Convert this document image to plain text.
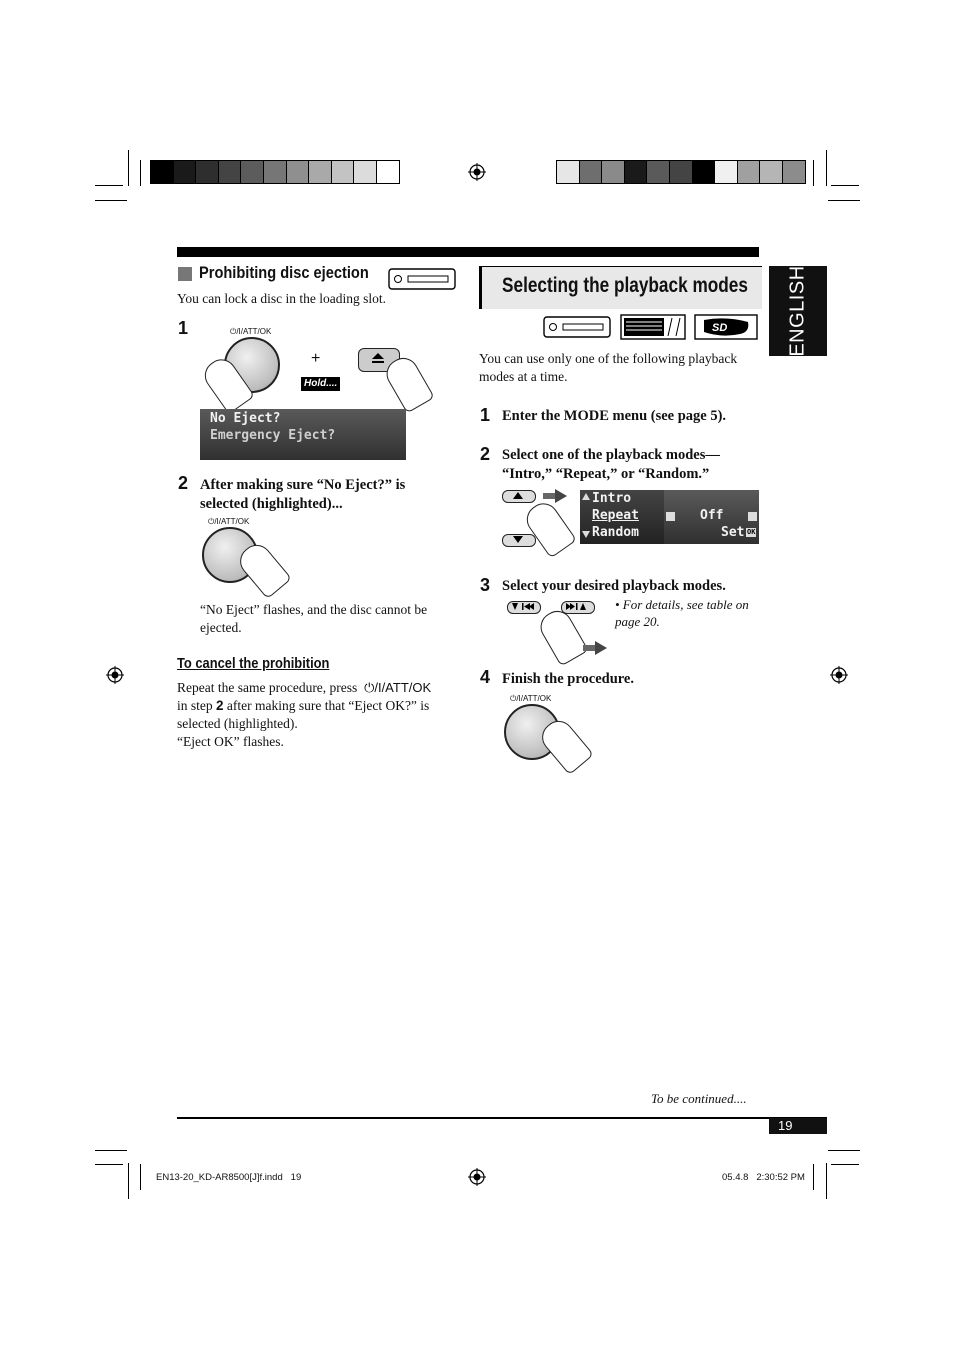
ENGLISH
Prohibiting disc ejection
You can lock a disc in the loading slot.
1	⏻/I/ATT/OK
+
Hold....
No Eject?
Emergency Eject?
2 After making sure “No Eject?” is selected (highlighted)...
⏻/I/ATT/OK
“No Eject” flashes, and the disc cannot be ejected.
To cancel the prohibition
Repeat the same procedure, press ⏻/I/ATT/OK
in step 2 after making sure that “Eject OK?” is
selected (highlighted).
“Eject OK” flashes.
Selecting the playback modes
SD
You can use only one of the following playback modes at a time.
1 Enter the MODE menu (see page 5).
2 Select one of the playback modes— “Intro,” “Repeat,” or “Random.”
Intro
Repeat
Random
Off
Set OK
3 Select your desired playback modes.
• For details, see table on page 20.
4 Finish the procedure.
⏻/I/ATT/OK
To be continued....
19
EN13-20_KD-AR8500[J]f.indd   19	05.4.8   2:30:52 PM
